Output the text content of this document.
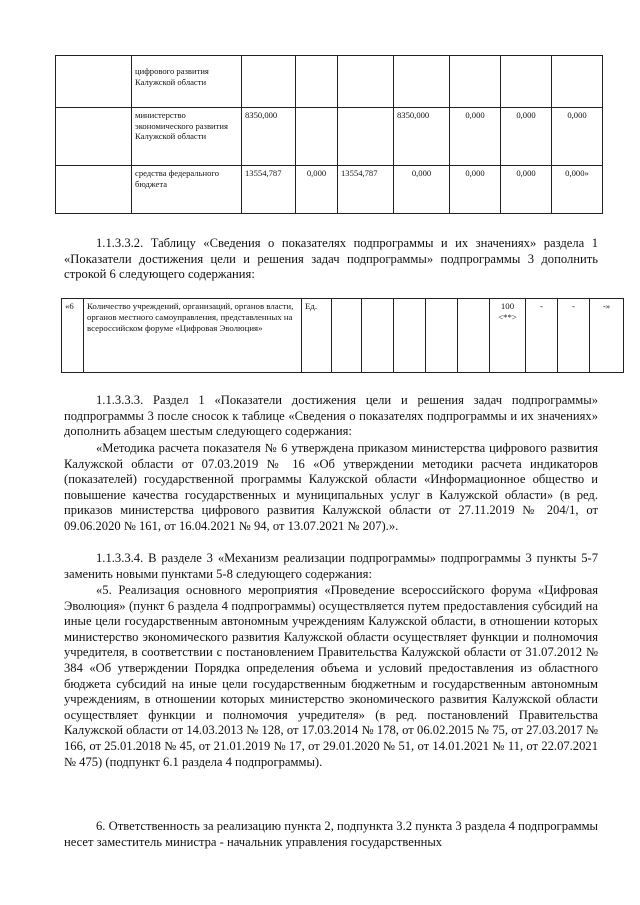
	цифрового развития Калужской области							
	министерство экономического развития Калужской области	8350,000			8350,000	0,000	0,000	0,000
	средства федерального бюджета	13554,787	0,000	13554,787	0,000	0,000	0,000	0,000»

1.1.3.3.2. Таблицу «Сведения о показателях подпрограммы и их значениях» раздела 1 «Показатели достижения цели и решения задач подпрограммы» подпрограммы 3 дополнить строкой 6 следующего содержания:

«6	Количество учреждений, организаций, органов власти, органов местного самоуправления, представленных на всероссийском форуме «Цифровая Эволюция»	Ед.						100 <**>	-	-	-»

1.1.3.3.3. Раздел 1 «Показатели достижения цели и решения задач подпрограммы» подпрограммы 3 после сносок к таблице «Сведения о показателях подпрограммы и их значениях» дополнить абзацем шестым следующего содержания:

«Методика расчета показателя № 6 утверждена приказом министерства цифрового развития Калужской области от 07.03.2019 № 16 «Об утверждении методики расчета индикаторов (показателей) государственной программы Калужской области «Информационное общество и повышение качества государственных и муниципальных услуг в Калужской области» (в ред. приказов министерства цифрового развития Калужской области от 27.11.2019 № 204/1, от 09.06.2020 № 161, от 16.04.2021 № 94, от 13.07.2021 № 207).».

1.1.3.3.4. В разделе 3 «Механизм реализации подпрограммы» подпрограммы 3 пункты 5-7 заменить новыми пунктами 5-8 следующего содержания:

«5. Реализация основного мероприятия «Проведение всероссийского форума «Цифровая Эволюция» (пункт 6 раздела 4 подпрограммы) осуществляется путем предоставления субсидий на иные цели государственным автономным учреждениям Калужской области, в отношении которых министерство экономического развития Калужской области осуществляет функции и полномочия учредителя, в соответствии с постановлением Правительства Калужской области от 31.07.2012 № 384 «Об утверждении Порядка определения объема и условий предоставления из областного бюджета субсидий на иные цели государственным бюджетным и государственным автономным учреждениям, в отношении которых министерство экономического развития Калужской области осуществляет функции и полномочия учредителя» (в ред. постановлений Правительства Калужской области от 14.03.2013 № 128, от 17.03.2014 № 178, от 06.02.2015 № 75, от 27.03.2017 № 166, от 25.01.2018 № 45, от 21.01.2019 № 17, от 29.01.2020 № 51, от 14.01.2021 № 11, от 22.07.2021 № 475) (подпункт 6.1 раздела 4 подпрограммы).

6. Ответственность за реализацию пункта 2, подпункта 3.2 пункта 3 раздела 4 подпрограммы несет заместитель министра - начальник управления государственных
